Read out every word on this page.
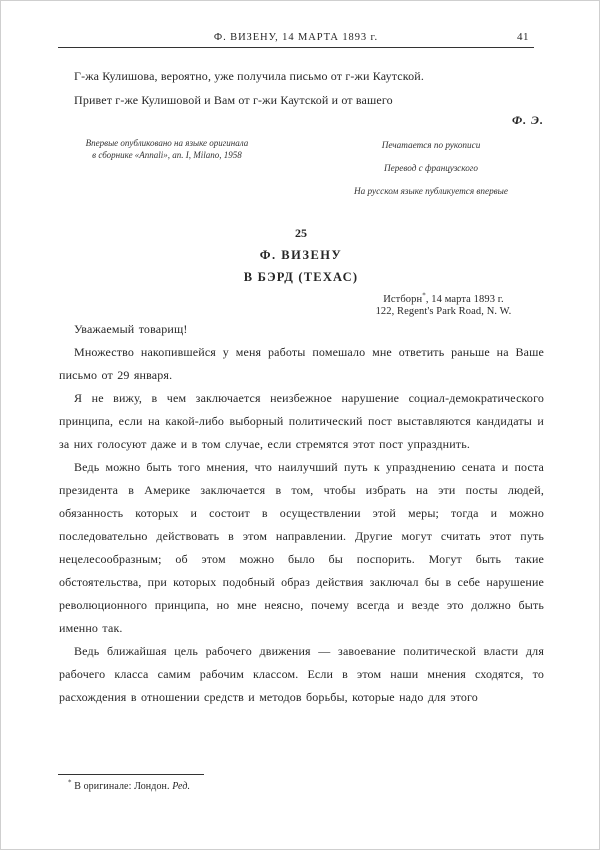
Ф. ВИЗЕНУ, 14 МАРТА 1893 г.	41

Г-жа Кулишова, вероятно, уже получила письмо от г-жи Каутской.

Привет г-же Кулишовой и Вам от г-жи Каутской и от вашего

Ф. Э.
Впервые опубликовано на языке оригинала
в сборнике «Annali», an. I, Milano, 1958
Печатается по рукописи
Перевод с французского
На русском языке публикуется впервые
25
Ф. ВИЗЕНУ
В БЭРД (ТЕХАС)
Истборн*, 14 марта 1893 г.
122, Regent's Park Road, N. W.

Уважаемый товарищ!

Множество накопившейся у меня работы помешало мне ответить раньше на Ваше письмо от 29 января.

Я не вижу, в чем заключается неизбежное нарушение социал-демократического принципа, если на какой-либо выборный политический пост выставляются кандидаты и за них голосуют даже и в том случае, если стремятся этот пост упразднить.

Ведь можно быть того мнения, что наилучший путь к упразднению сената и поста президента в Америке заключается в том, чтобы избрать на эти посты людей, обязанность которых и состоит в осуществлении этой меры; тогда и можно последовательно действовать в этом направлении. Другие могут считать этот путь нецелесообразным; об этом можно было бы поспорить. Могут быть такие обстоятельства, при которых подобный образ действия заключал бы в себе нарушение революционного принципа, но мне неясно, почему всегда и везде это должно быть именно так.

Ведь ближайшая цель рабочего движения — завоевание политической власти для рабочего класса самим рабочим классом. Если в этом наши мнения сходятся, то расхождения в отношении средств и методов борьбы, которые надо для этого

* В оригинале: Лондон. Ред.
